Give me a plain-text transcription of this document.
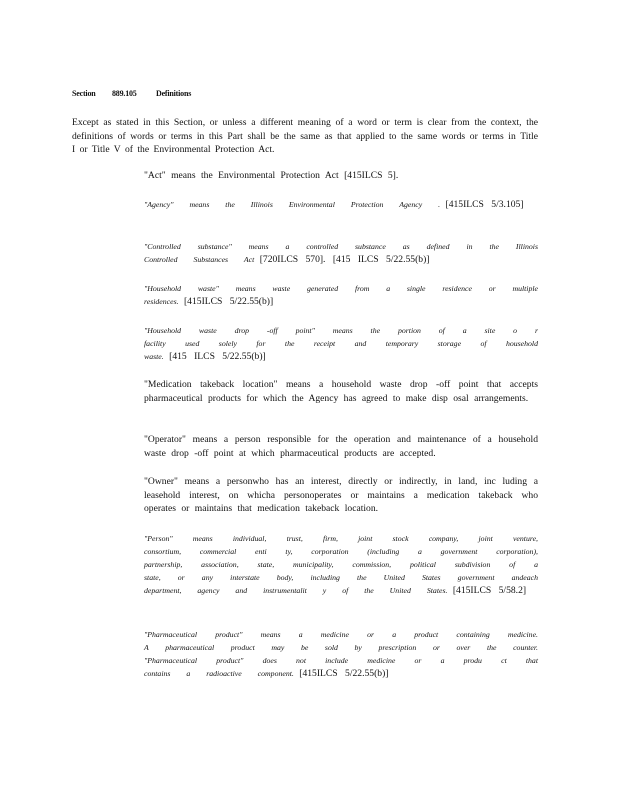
Section 889.105 Definitions

Except as stated in this Section, or unless a different meaning of a word or term is clear from the context, the definitions of words or terms in this Part shall be the same as that applied to the same words or terms in Title I or Title V of the Environmental Protection Act.

"Act" means the Environmental Protection Act [415ILCS 5].
"Agency" means the Illinois Environmental Protection Agency . [415ILCS 5/3.105]
"Controlled substance" means a controlled substance as defined in the Illinois Controlled Substances Act [720ILCS 570]. [415 ILCS 5/22.55(b)]
"Household waste" means waste generated from a single residence or multiple residences. [415ILCS 5/22.55(b)]
"Household waste drop -off point" means the portion of a site o r facility used solely for the receipt and temporary storage of household waste. [415 ILCS 5/22.55(b)]
"Medication takeback location" means a household waste drop -off point that accepts pharmaceutical products for which the Agency has agreed to make disp osal arrangements.
"Operator" means a person responsible for the operation and maintenance of a household waste drop -off point at which pharmaceutical products are accepted.
"Owner" means a personwho has an interest, directly or indirectly, in land, inc luding a leasehold interest, on whicha personoperates or maintains a medication takeback who operates or maintains that medication takeback location.
"Person" means individual, trust, firm, joint stock company, joint venture, consortium, commercial enti ty, corporation (including a government corporation), partnership, association, state, municipality, commission, political subdivision of a state, or any interstate body, including the United States government andeach department, agency and instrumentalit y of the United States. [415ILCS 5/58.2]
"Pharmaceutical product" means a medicine or a product containing medicine. A pharmaceutical product may be sold by prescription or over the counter. "Pharmaceutical product" does not include medicine or a produ ct that contains a radioactive component. [415ILCS 5/22.55(b)]
